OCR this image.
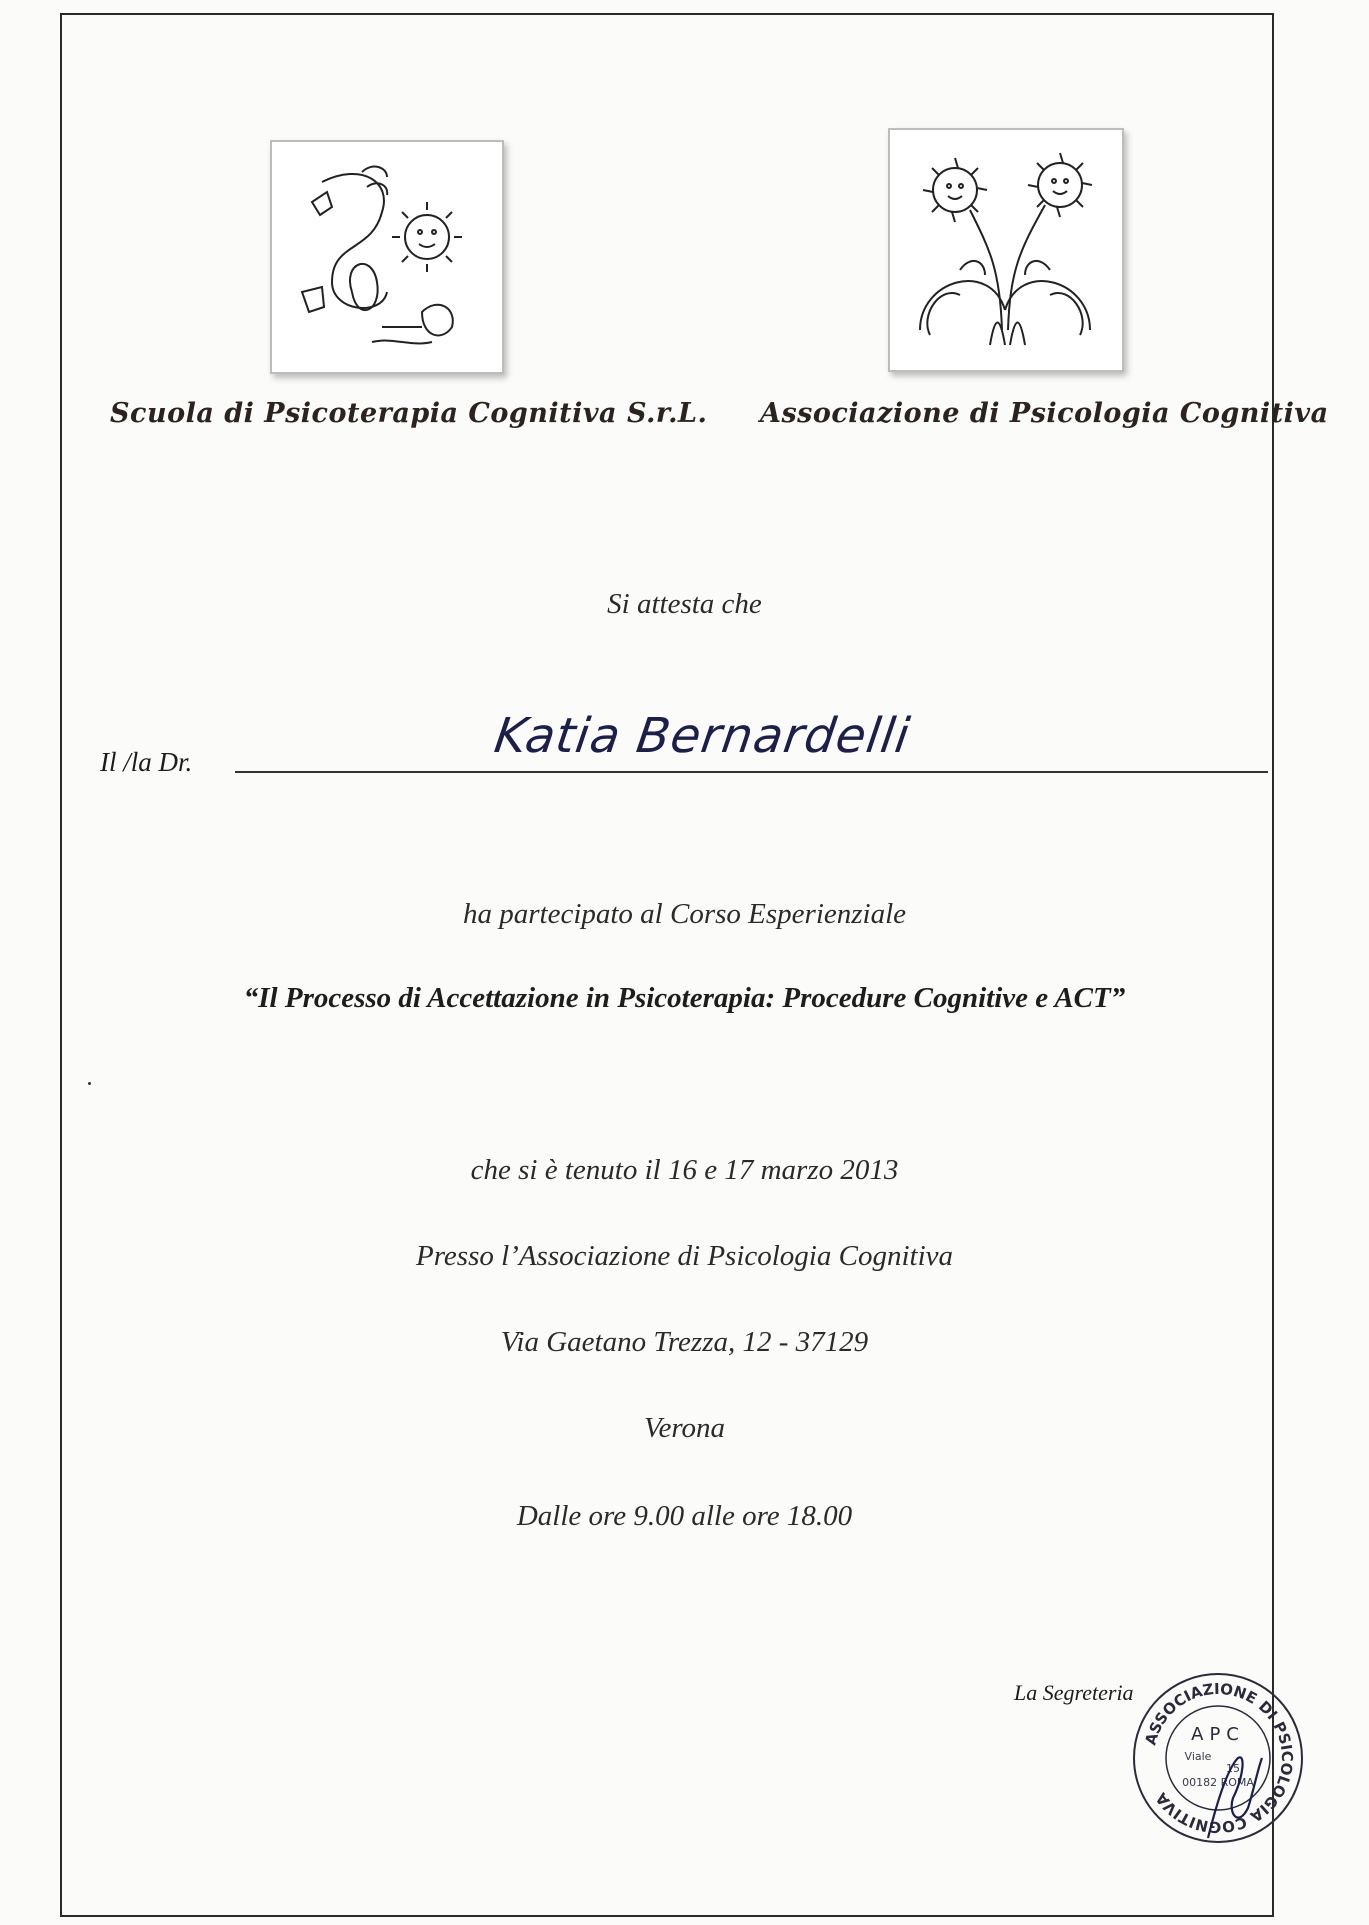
Scuola di Psicoterapia Cognitiva S.r.L. Associazione di Psicologia Cognitiva
Si attesta che
Il /la Dr.	Katia Bernardelli
ha partecipato al Corso Esperienziale
“Il Processo di Accettazione in Psicoterapia: Procedure Cognitive e ACT”
che si è tenuto il 16 e 17 marzo 2013
Presso l’Associazione di Psicologia Cognitiva
Via Gaetano Trezza, 12 - 37129
Verona
Dalle ore 9.00 alle ore 18.00
La Segreteria
ASSOCIAZIONE DI PSICOLOGIA COGNITIVA
APC
Viale
15
00182 ROMA
